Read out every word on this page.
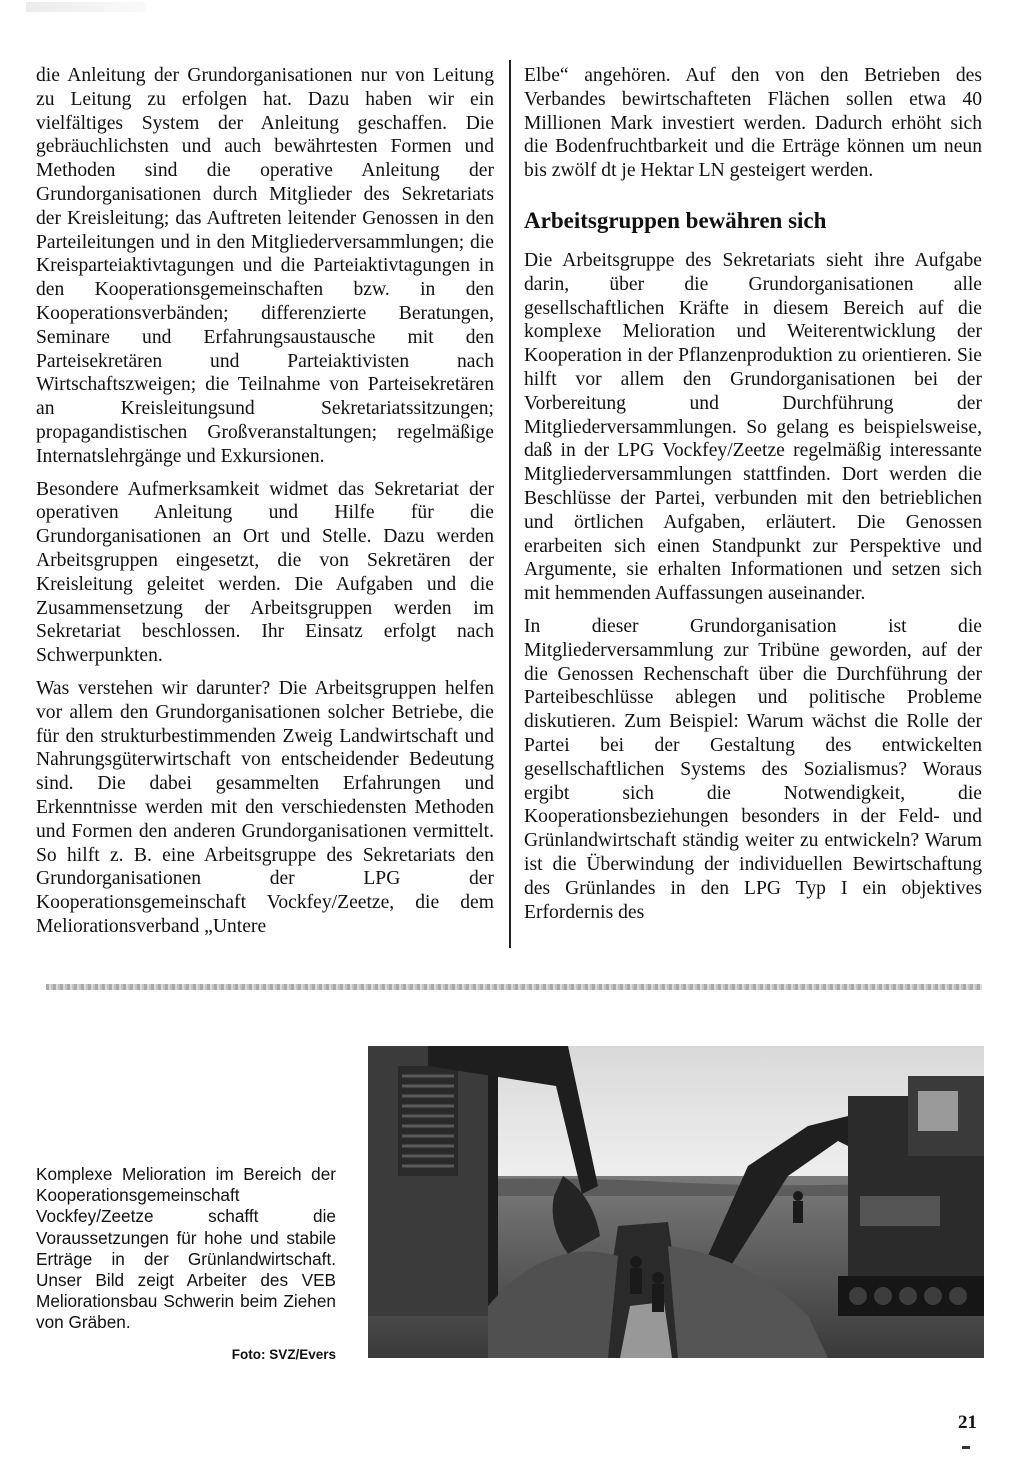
die Anleitung der Grundorganisationen nur von Leitung zu Leitung zu erfolgen hat. Dazu haben wir ein vielfältiges System der Anleitung geschaffen. Die gebräuchlichsten und auch bewährtesten Formen und Methoden sind die operative Anleitung der Grundorganisationen durch Mitglieder des Sekretariats der Kreisleitung; das Auftreten leitender Genossen in den Parteileitungen und in den Mitgliederversammlungen; die Kreisparteiaktivtagungen und die Parteiaktivtagungen in den Kooperationsgemeinschaften bzw. in den Kooperationsverbänden; differenzierte Beratungen, Seminare und Erfahrungsaustausche mit den Parteisekretären und Parteiaktivisten nach Wirtschaftszweigen; die Teilnahme von Parteisekretären an Kreisleitungsund Sekretariatssitzungen; propagandistischen Großveranstaltungen; regelmäßige Internatslehrgänge und Exkursionen.

Besondere Aufmerksamkeit widmet das Sekretariat der operativen Anleitung und Hilfe für die Grundorganisationen an Ort und Stelle. Dazu werden Arbeitsgruppen eingesetzt, die von Sekretären der Kreisleitung geleitet werden. Die Aufgaben und die Zusammensetzung der Arbeitsgruppen werden im Sekretariat beschlossen. Ihr Einsatz erfolgt nach Schwerpunkten.

Was verstehen wir darunter? Die Arbeitsgruppen helfen vor allem den Grundorganisationen solcher Betriebe, die für den strukturbestimmenden Zweig Landwirtschaft und Nahrungsgüterwirtschaft von entscheidender Bedeutung sind. Die dabei gesammelten Erfahrungen und Erkenntnisse werden mit den verschiedensten Methoden und Formen den anderen Grundorganisationen vermittelt. So hilft z. B. eine Arbeitsgruppe des Sekretariats den Grundorganisationen der LPG der Kooperationsgemeinschaft Vockfey/Zeetze, die dem Meliorationsverband „Untere

Elbe“ angehören. Auf den von den Betrieben des Verbandes bewirtschafteten Flächen sollen etwa 40 Millionen Mark investiert werden. Dadurch erhöht sich die Bodenfruchtbarkeit und die Erträge können um neun bis zwölf dt je Hektar LN gesteigert werden.

Arbeitsgruppen bewähren sich

Die Arbeitsgruppe des Sekretariats sieht ihre Aufgabe darin, über die Grundorganisationen alle gesellschaftlichen Kräfte in diesem Bereich auf die komplexe Melioration und Weiterentwicklung der Kooperation in der Pflanzenproduktion zu orientieren. Sie hilft vor allem den Grundorganisationen bei der Vorbereitung und Durchführung der Mitgliederversammlungen. So gelang es beispielsweise, daß in der LPG Vockfey/Zeetze regelmäßig interessante Mitgliederversammlungen stattfinden. Dort werden die Beschlüsse der Partei, verbunden mit den betrieblichen und örtlichen Aufgaben, erläutert. Die Genossen erarbeiten sich einen Standpunkt zur Perspektive und Argumente, sie erhalten Informationen und setzen sich mit hemmenden Auffassungen auseinander.

In dieser Grundorganisation ist die Mitgliederversammlung zur Tribüne geworden, auf der die Genossen Rechenschaft über die Durchführung der Parteibeschlüsse ablegen und politische Probleme diskutieren. Zum Beispiel: Warum wächst die Rolle der Partei bei der Gestaltung des entwickelten gesellschaftlichen Systems des Sozialismus? Woraus ergibt sich die Notwendigkeit, die Kooperationsbeziehungen besonders in der Feld- und Grünlandwirtschaft ständig weiter zu entwickeln? Warum ist die Überwindung der individuellen Bewirtschaftung des Grünlandes in den LPG Typ I ein objektives Erfordernis des

Komplexe Melioration im Bereich der Kooperationsgemeinschaft Vockfey/Zeetze schafft die Voraussetzungen für hohe und stabile Erträge in der Grünlandwirtschaft. Unser Bild zeigt Arbeiter des VEB Meliorationsbau Schwerin beim Ziehen von Gräben.
Foto: SVZ/Evers
21
